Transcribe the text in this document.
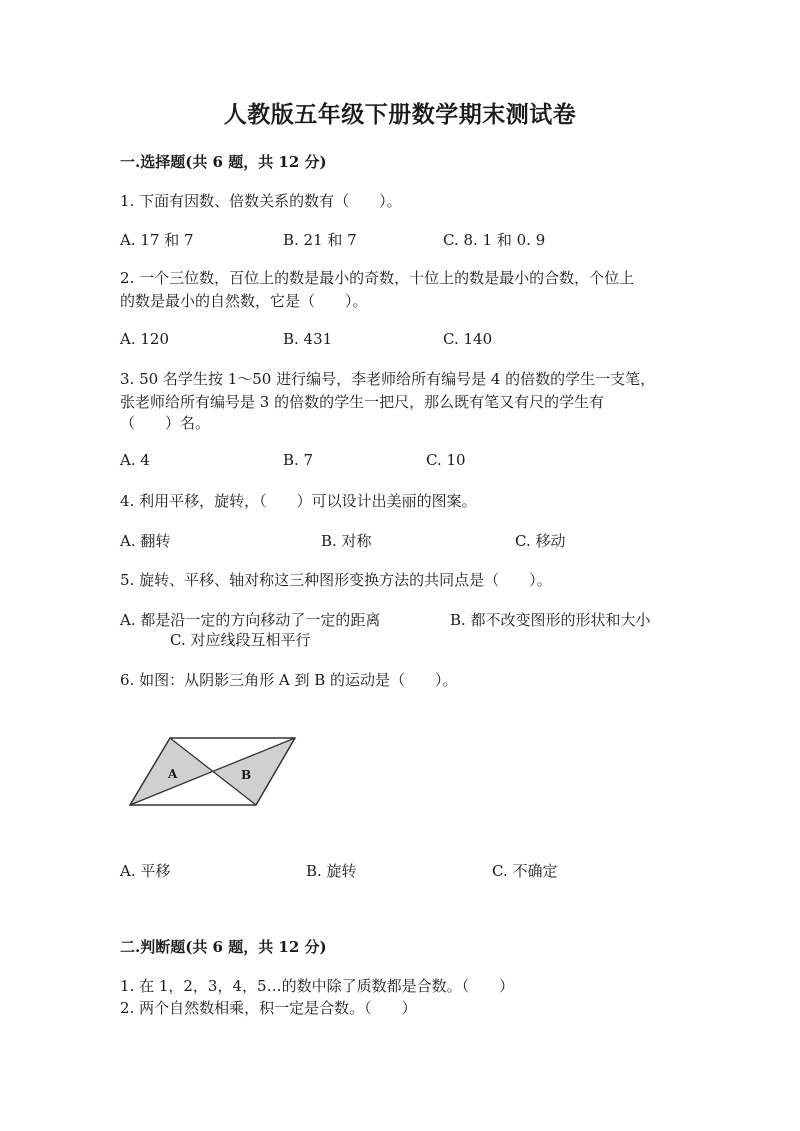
人教版五年级下册数学期末测试卷
一.选择题(共 6 题，共 12 分)
1. 下面有因数、倍数关系的数有（　　）。
A. 17 和 7	B. 21 和 7	C. 8. 1 和 0. 9
2. 一个三位数，百位上的数是最小的奇数，十位上的数是最小的合数，个位上
的数是最小的自然数，它是（　　）。
A. 120	B. 431	C. 140
3. 50 名学生按 1～50 进行编号，李老师给所有编号是 4 的倍数的学生一支笔，
张老师给所有编号是 3 的倍数的学生一把尺，那么既有笔又有尺的学生有
（　　）名。
A. 4	B. 7	C. 10
4. 利用平移，旋转，（　　）可以设计出美丽的图案。
A. 翻转	B. 对称	C. 移动
5. 旋转、平移、轴对称这三种图形变换方法的共同点是（　　）。
A. 都是沿一定的方向移动了一定的距离	B. 都不改变图形的形状和大小
C. 对应线段互相平行
6. 如图：从阴影三角形 A 到 B 的运动是（　　）。
A	B
A. 平移	B. 旋转	C. 不确定
二.判断题(共 6 题，共 12 分)
1. 在 1，2，3，4，5…的数中除了质数都是合数。（　　）
2. 两个自然数相乘，积一定是合数。（　　）
